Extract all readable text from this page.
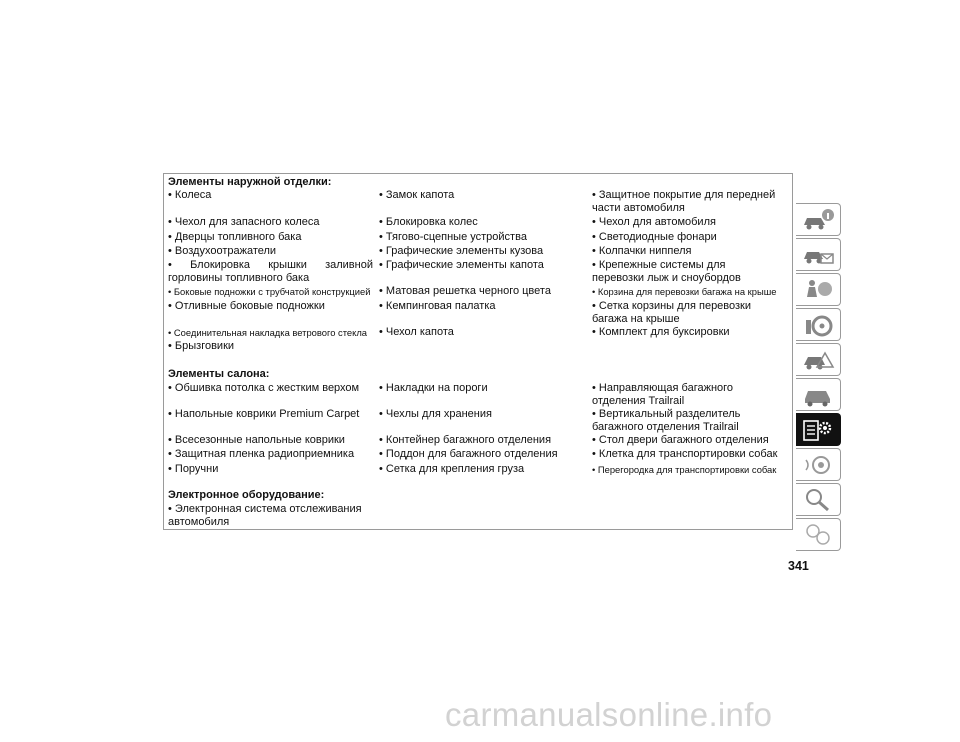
Элементы наружной отделки:
• Колеса
• Чехол для запасного колеса
• Дверцы топливного бака
• Воздухоотражатели
• Блокировка крышки заливной горловины топливного бака
• Боковые подножки с трубчатой конструкцией
• Отливные боковые подножки
• Соединительная накладка ветрового стекла
• Брызговики
• Замок капота
• Блокировка колес
• Тягово-сцепные устройства
• Графические элементы кузова
• Графические элементы капота
• Матовая решетка черного цвета
• Кемпинговая палатка
• Чехол капота
• Защитное покрытие для передней части автомобиля
• Чехол для автомобиля
• Светодиодные фонари
• Колпачки ниппеля
• Крепежные системы для перевозки лыж и сноубордов
• Корзина для перевозки багажа на крыше
• Сетка корзины для перевозки багажа на крыше
• Комплект для буксировки
Элементы салона:
• Обшивка потолка с жестким верхом
• Напольные коврики Premium Carpet
• Всесезонные напольные коврики
• Защитная пленка радиоприемника
• Поручни
• Накладки на пороги
• Чехлы для хранения
• Контейнер багажного отделения
• Поддон для багажного отделения
• Сетка для крепления груза
• Направляющая багажного отделения Trailrail
• Вертикальный разделитель багажного отделения Trailrail
• Стол двери багажного отделения
• Клетка для транспортировки собак
• Перегородка для транспортировки собак
Электронное оборудование:
• Электронная система отслеживания автомобиля
341
carmanualsonline.info
